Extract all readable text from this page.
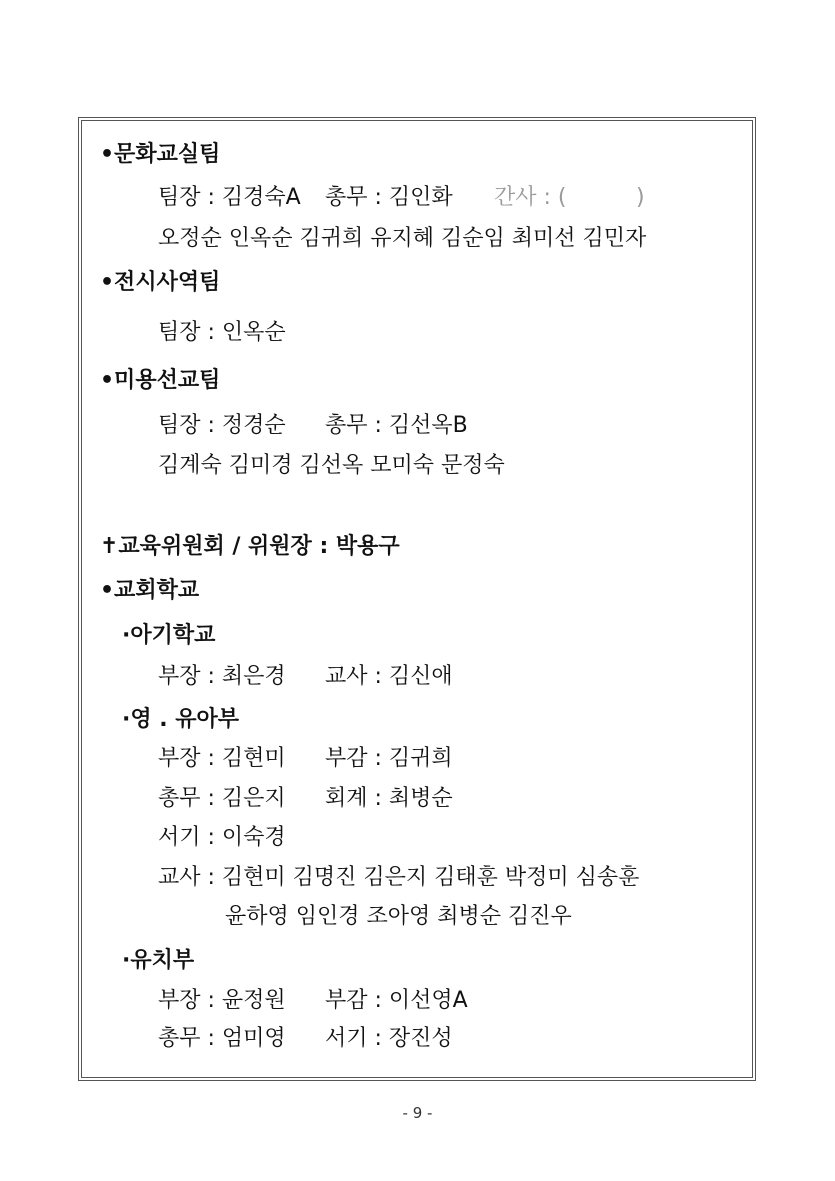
•문화교실팀
팀장 : 김경숙A 총무 : 김인화 간사 : (	)
오정순 인옥순 김귀희 유지혜 김순임 최미선 김민자
•전시사역팀
팀장 : 인옥순
•미용선교팀
팀장 : 정경순 총무 : 김선옥B
김계숙 김미경 김선옥 모미숙 문정숙
✝교육위원회 / 위원장 : 박용구
•교회학교
·아기학교
부장 : 최은경 교사 : 김신애
·영 . 유아부
부장 : 김현미 부감 : 김귀희
총무 : 김은지 회계 : 최병순
서기 : 이숙경
교사 : 김현미 김명진 김은지 김태훈 박정미 심송훈
윤하영 임인경 조아영 최병순 김진우
·유치부
부장 : 윤정원 부감 : 이선영A
총무 : 엄미영 서기 : 장진성
- 9 -
